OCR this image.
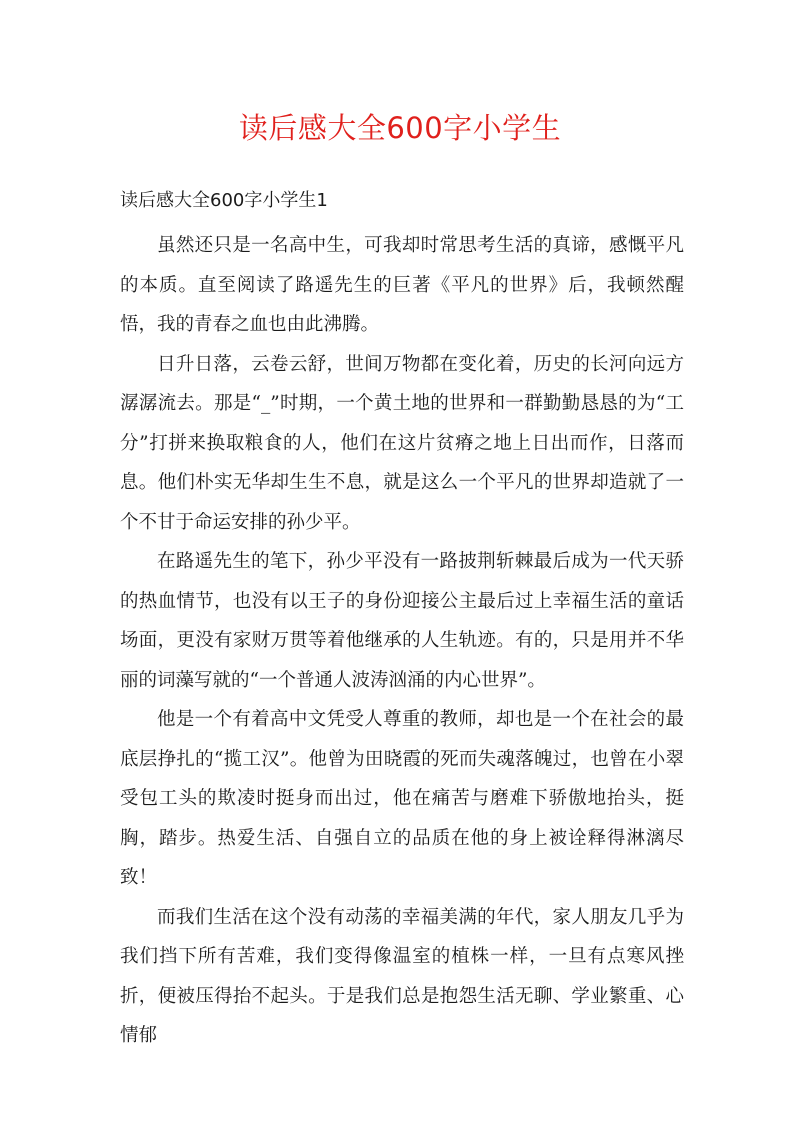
读后感大全600字小学生
读后感大全600字小学生1

虽然还只是一名高中生，可我却时常思考生活的真谛，感慨平凡的本质。直至阅读了路遥先生的巨著《平凡的世界》后，我顿然醒悟，我的青春之血也由此沸腾。

日升日落，云卷云舒，世间万物都在变化着，历史的长河向远方潺潺流去。那是“_”时期，一个黄土地的世界和一群勤勤恳恳的为“工分”打拼来换取粮食的人，他们在这片贫瘠之地上日出而作，日落而息。他们朴实无华却生生不息，就是这么一个平凡的世界却造就了一个不甘于命运安排的孙少平。

在路遥先生的笔下，孙少平没有一路披荆斩棘最后成为一代天骄的热血情节，也没有以王子的身份迎接公主最后过上幸福生活的童话场面，更没有家财万贯等着他继承的人生轨迹。有的，只是用并不华丽的词藻写就的“一个普通人波涛汹涌的内心世界”。

他是一个有着高中文凭受人尊重的教师，却也是一个在社会的最底层挣扎的“揽工汉”。他曾为田晓霞的死而失魂落魄过，也曾在小翠受包工头的欺凌时挺身而出过，他在痛苦与磨难下骄傲地抬头，挺胸，踏步。热爱生活、自强自立的品质在他的身上被诠释得淋漓尽致！

而我们生活在这个没有动荡的幸福美满的年代，家人朋友几乎为我们挡下所有苦难，我们变得像温室的植株一样，一旦有点寒风挫折，便被压得抬不起头。于是我们总是抱怨生活无聊、学业繁重、心情郁
